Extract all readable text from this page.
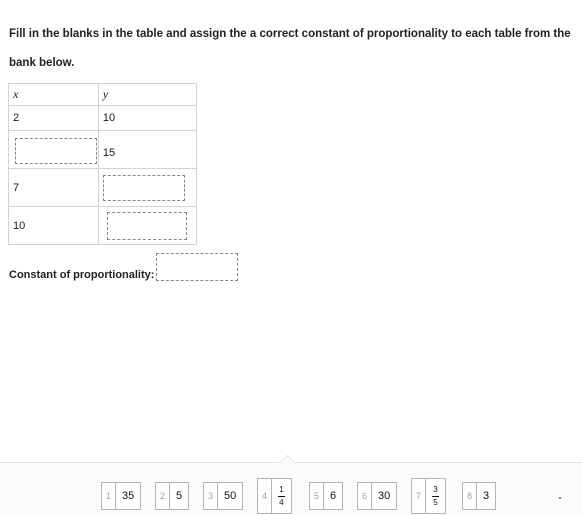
Fill in the blanks in the table and assign the a correct constant of proportionality to each table from the bank below.
x	y
2	10

	15
7	

10	
Constant of proportionality:
1	35	2	5	3	50	4	$\frac{1}{4}$	5	6	6	30	7	$\frac{3}{5}$	8	3
